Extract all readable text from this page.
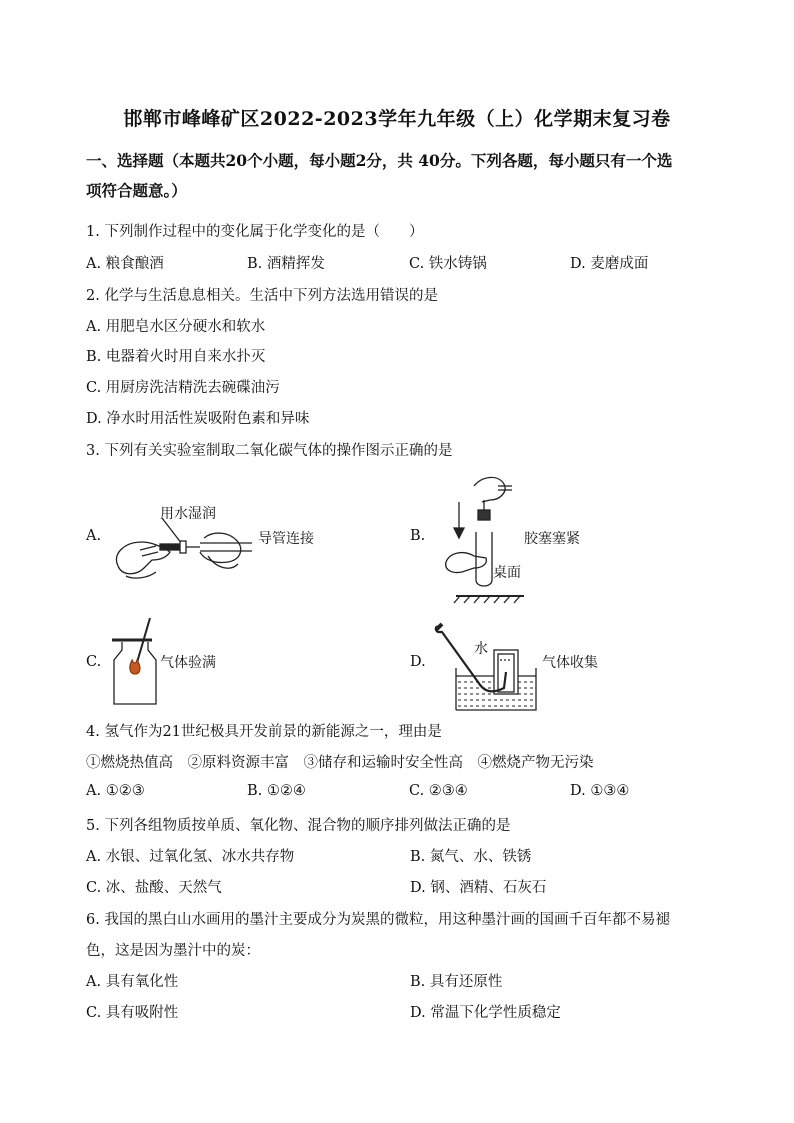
邯郸市峰峰矿区2022-2023学年九年级（上）化学期末复习卷
一、选择题（本题共20个小题，每小题2分，共 40分。下列各题，每小题只有一个选
项符合题意。）
1. 下列制作过程中的变化属于化学变化的是（　　）
A. 粮食酿酒	B. 酒精挥发	C. 铁水铸锅	D. 麦磨成面
2. 化学与生活息息相关。生活中下列方法选用错误的是
A. 用肥皂水区分硬水和软水
B. 电器着火时用自来水扑灭
C. 用厨房洗洁精洗去碗碟油污
D. 净水时用活性炭吸附色素和异味
3. 下列有关实验室制取二氧化碳气体的操作图示正确的是
A.
用水湿润
导管连接	B.	胶塞塞紧
桌面
C.	气体验满	D.
水
气体收集
4. 氢气作为21世纪极具开发前景的新能源之一，理由是
①燃烧热值高　②原料资源丰富　③储存和运输时安全性高　④燃烧产物无污染
A. ①②③	B. ①②④	C. ②③④	D. ①③④
5. 下列各组物质按单质、氧化物、混合物的顺序排列做法正确的是
A. 水银、过氧化氢、冰水共存物	B. 氮气、水、铁锈
C. 冰、盐酸、天然气	D. 钢、酒精、石灰石
6. 我国的黑白山水画用的墨汁主要成分为炭黑的微粒，用这种墨汁画的国画千百年都不易褪
色，这是因为墨汁中的炭：
A. 具有氧化性	B. 具有还原性
C. 具有吸附性	D. 常温下化学性质稳定
